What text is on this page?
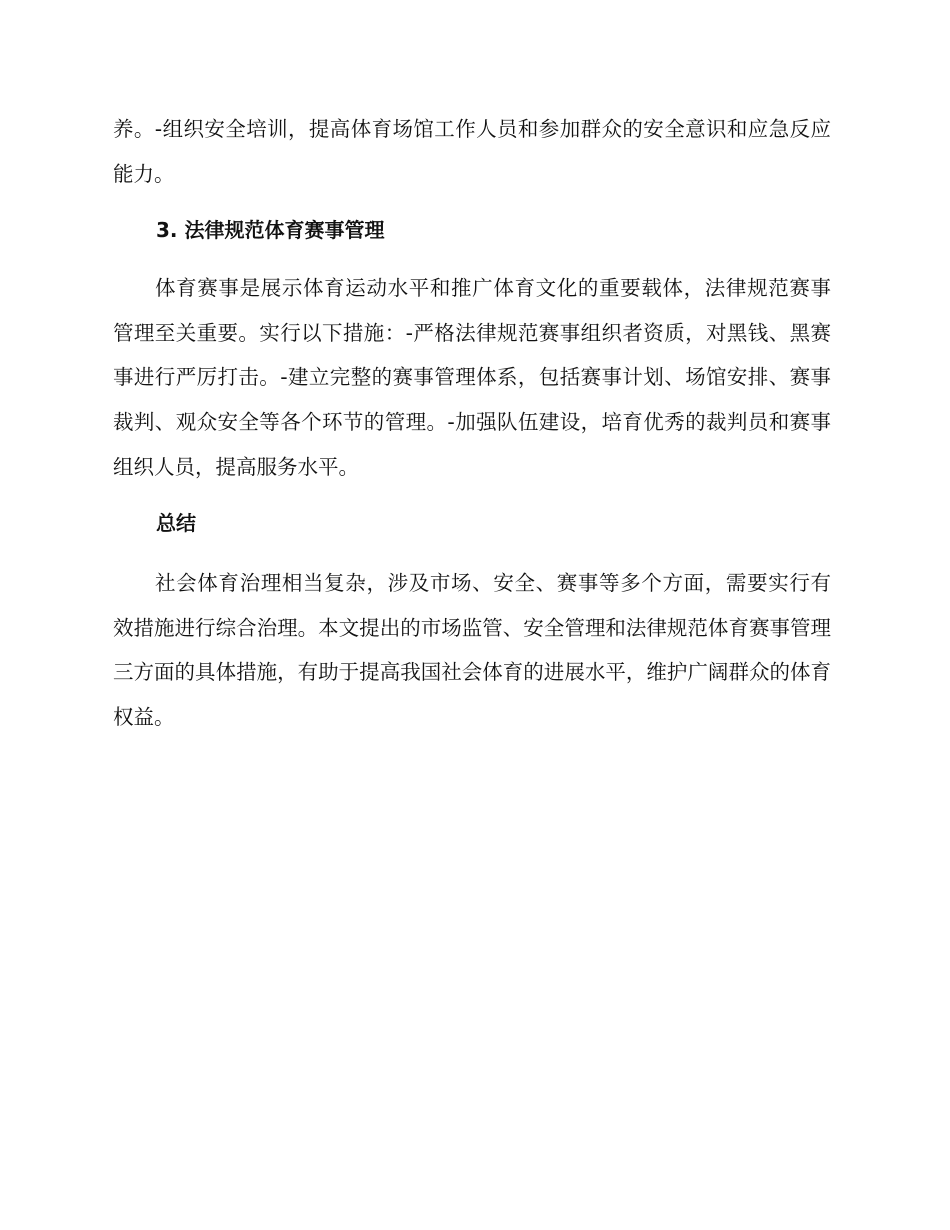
养。-组织安全培训，提高体育场馆工作人员和参加群众的安全意识和应急反应能力。

3. 法律规范体育赛事管理

体育赛事是展示体育运动水平和推广体育文化的重要载体，法律规范赛事管理至关重要。实行以下措施：-严格法律规范赛事组织者资质，对黑钱、黑赛事进行严厉打击。-建立完整的赛事管理体系，包括赛事计划、场馆安排、赛事裁判、观众安全等各个环节的管理。-加强队伍建设，培育优秀的裁判员和赛事组织人员，提高服务水平。

总结

社会体育治理相当复杂，涉及市场、安全、赛事等多个方面，需要实行有效措施进行综合治理。本文提出的市场监管、安全管理和法律规范体育赛事管理三方面的具体措施，有助于提高我国社会体育的进展水平，维护广阔群众的体育权益。
